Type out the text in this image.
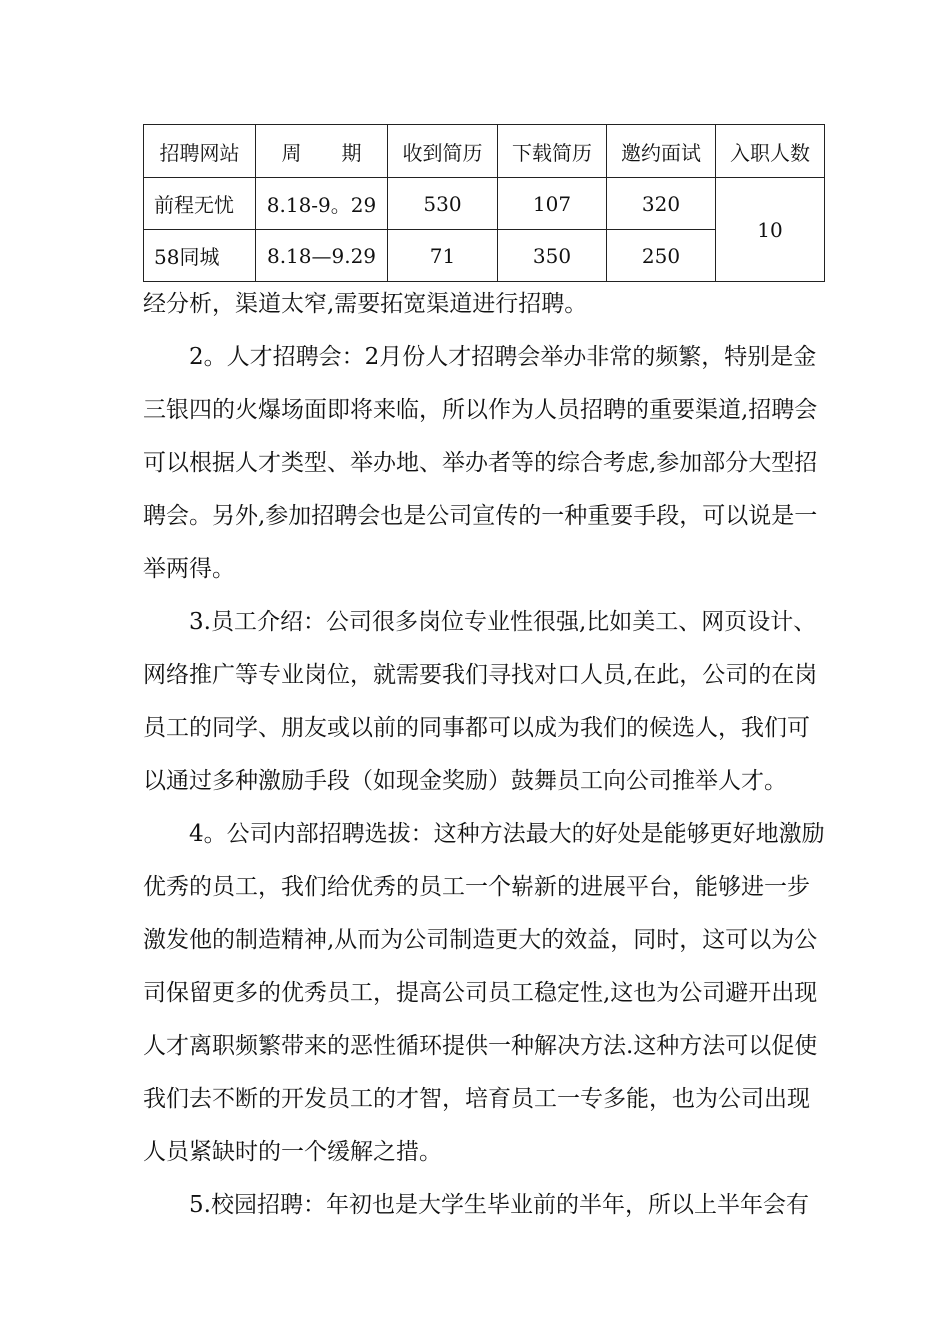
招聘网站	周　　期	收到简历	下载简历	邀约面试	入职人数
前程无忧	8.18-9。29	530	107	320	10
58同城	8.18—9.29	71	350	250	
经分析，渠道太窄,需要拓宽渠道进行招聘。
2。人才招聘会：2月份人才招聘会举办非常的频繁，特别是金
三银四的火爆场面即将来临，所以作为人员招聘的重要渠道,招聘会
可以根据人才类型、举办地、举办者等的综合考虑,参加部分大型招
聘会。另外,参加招聘会也是公司宣传的一种重要手段，可以说是一
举两得。
3.员工介绍：公司很多岗位专业性很强,比如美工、网页设计、
网络推广等专业岗位，就需要我们寻找对口人员,在此，公司的在岗
员工的同学、朋友或以前的同事都可以成为我们的候选人，我们可
以通过多种激励手段（如现金奖励）鼓舞员工向公司推举人才。
4。公司内部招聘选拔：这种方法最大的好处是能够更好地激励
优秀的员工，我们给优秀的员工一个崭新的进展平台，能够进一步
激发他的制造精神,从而为公司制造更大的效益，同时，这可以为公
司保留更多的优秀员工，提高公司员工稳定性,这也为公司避开出现
人才离职频繁带来的恶性循环提供一种解决方法.这种方法可以促使
我们去不断的开发员工的才智，培育员工一专多能，也为公司出现
人员紧缺时的一个缓解之措。
5.校园招聘：年初也是大学生毕业前的半年，所以上半年会有
